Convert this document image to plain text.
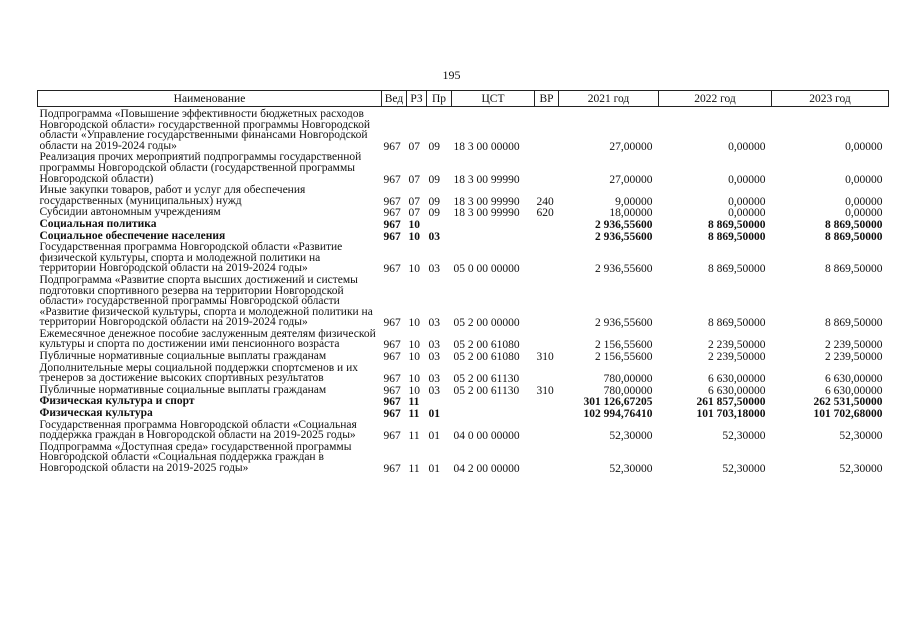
195
Наименование	Вед	РЗ	Пр	ЦСТ	ВР	2021 год	2022 год	2023 год

Подпрограмма «Повышение эффективности бюджетных расходов Новгородской области» государственной программы Новгородской области «Управление государственными финансами Новгородской области на 2019-2024 годы»	967	07	09	18 3 00 00000		27,00000	0,00000	0,00000
Реализация прочих мероприятий подпрограммы государственной программы Новгородской области (государственной программы Новгородской области)	967	07	09	18 3 00 99990		27,00000	0,00000	0,00000
Иные закупки товаров, работ и услуг для обеспечения государственных (муниципальных) нужд	967	07	09	18 3 00 99990	240	9,00000	0,00000	0,00000
Субсидии автономным учреждениям	967	07	09	18 3 00 99990	620	18,00000	0,00000	0,00000
Социальная политика	967	10				2 936,55600	8 869,50000	8 869,50000
Социальное обеспечение населения	967	10	03			2 936,55600	8 869,50000	8 869,50000
Государственная программа Новгородской области «Развитие физической культуры, спорта и молодежной политики на территории Новгородской области на 2019-2024 годы»	967	10	03	05 0 00 00000		2 936,55600	8 869,50000	8 869,50000
Подпрограмма «Развитие спорта высших достижений и системы подготовки спортивного резерва на территории Новгородской области» государственной программы Новгородской области «Развитие физической культуры, спорта и молодежной политики на территории Новгородской области на 2019-2024 годы»	967	10	03	05 2 00 00000		2 936,55600	8 869,50000	8 869,50000
Ежемесячное денежное пособие заслуженным деятелям физической культуры и спорта по достижении ими пенсионного возраста	967	10	03	05 2 00 61080		2 156,55600	2 239,50000	2 239,50000
Публичные нормативные социальные выплаты гражданам	967	10	03	05 2 00 61080	310	2 156,55600	2 239,50000	2 239,50000
Дополнительные меры социальной поддержки спортсменов и их тренеров за достижение высоких спортивных результатов	967	10	03	05 2 00 61130		780,00000	6 630,00000	6 630,00000
Публичные нормативные социальные выплаты гражданам	967	10	03	05 2 00 61130	310	780,00000	6 630,00000	6 630,00000
Физическая культура и спорт	967	11				301 126,67205	261 857,50000	262 531,50000
Физическая культура	967	11	01			102 994,76410	101 703,18000	101 702,68000
Государственная программа Новгородской области «Социальная поддержка граждан в Новгородской области на 2019-2025 годы»	967	11	01	04 0 00 00000		52,30000	52,30000	52,30000
Подпрограмма «Доступная среда» государственной программы Новгородской области «Социальная поддержка граждан в Новгородской области на 2019-2025 годы»	967	11	01	04 2 00 00000		52,30000	52,30000	52,30000
